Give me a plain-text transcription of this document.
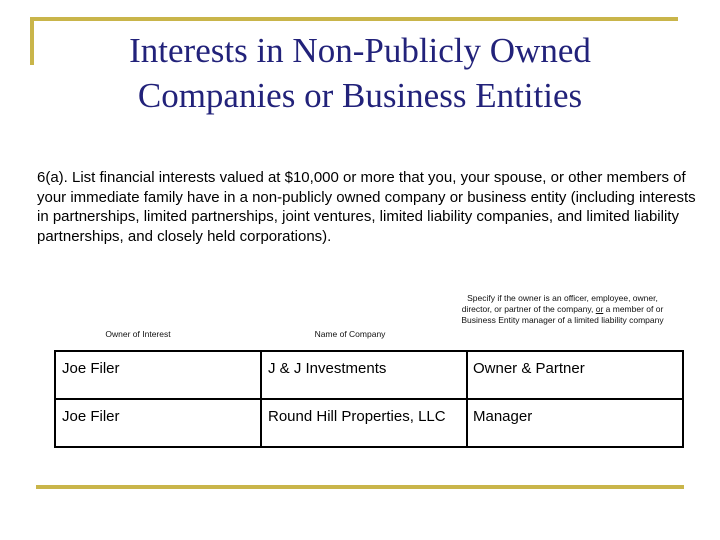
Interests in Non-Publicly Owned
Companies or Business Entities
6(a). List financial interests valued at $10,000 or more that you, your spouse, or other members of your immediate family have in a non-publicly owned company or business entity (including interests in partnerships, limited partnerships, joint ventures, limited liability companies, and limited liability partnerships, and closely held corporations).
Owner of Interest	Name of Company
Specify if the owner is an officer, employee, owner, director, or partner of the company, or a member of or Business Entity manager of a limited liability company
Joe Filer	J & J Investments	Owner & Partner
Joe Filer	Round Hill Properties, LLC	Manager
